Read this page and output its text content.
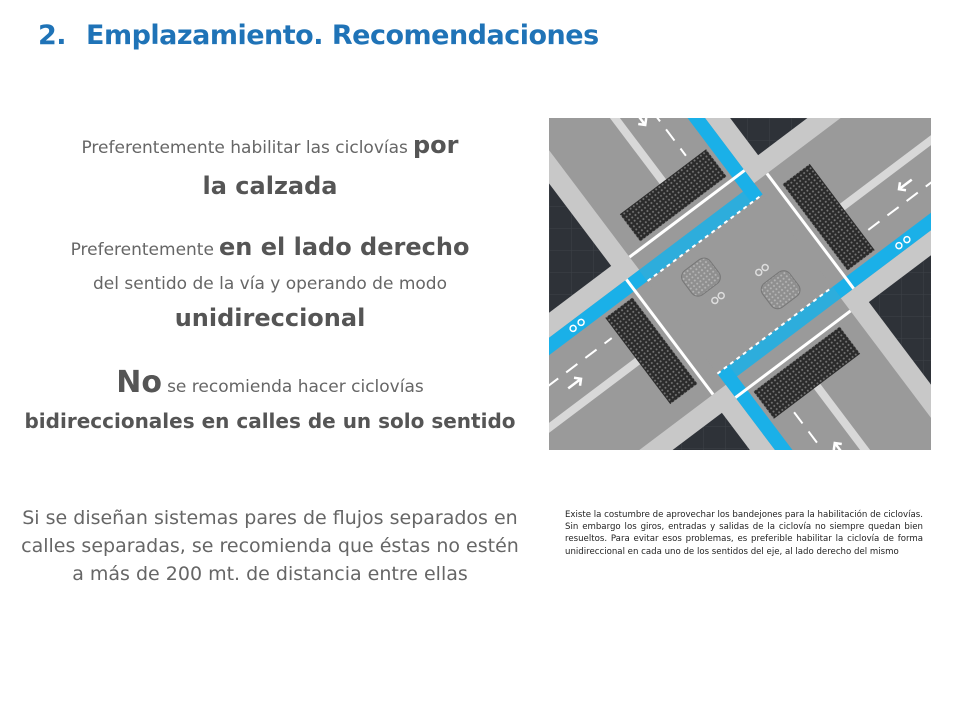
2. Emplazamiento. Recomendaciones
Preferentemente habilitar las ciclovías por
la calzada
Preferentemente en el lado derecho
del sentido de la vía y operando de modo
unidireccional
No se recomienda hacer ciclovías
bidireccionales en calles de un solo sentido
Si se diseñan sistemas pares de flujos separados en calles separadas, se recomienda que éstas no estén a más de 200 mt. de distancia entre ellas
Existe la costumbre de aprovechar los bandejones para la habilitación de ciclovías. Sin embargo los giros, entradas y salidas de la ciclovía no siempre quedan bien resueltos. Para evitar esos problemas, es preferible habilitar la ciclovía de forma unidireccional en cada uno de los sentidos del eje, al lado derecho del mismo
